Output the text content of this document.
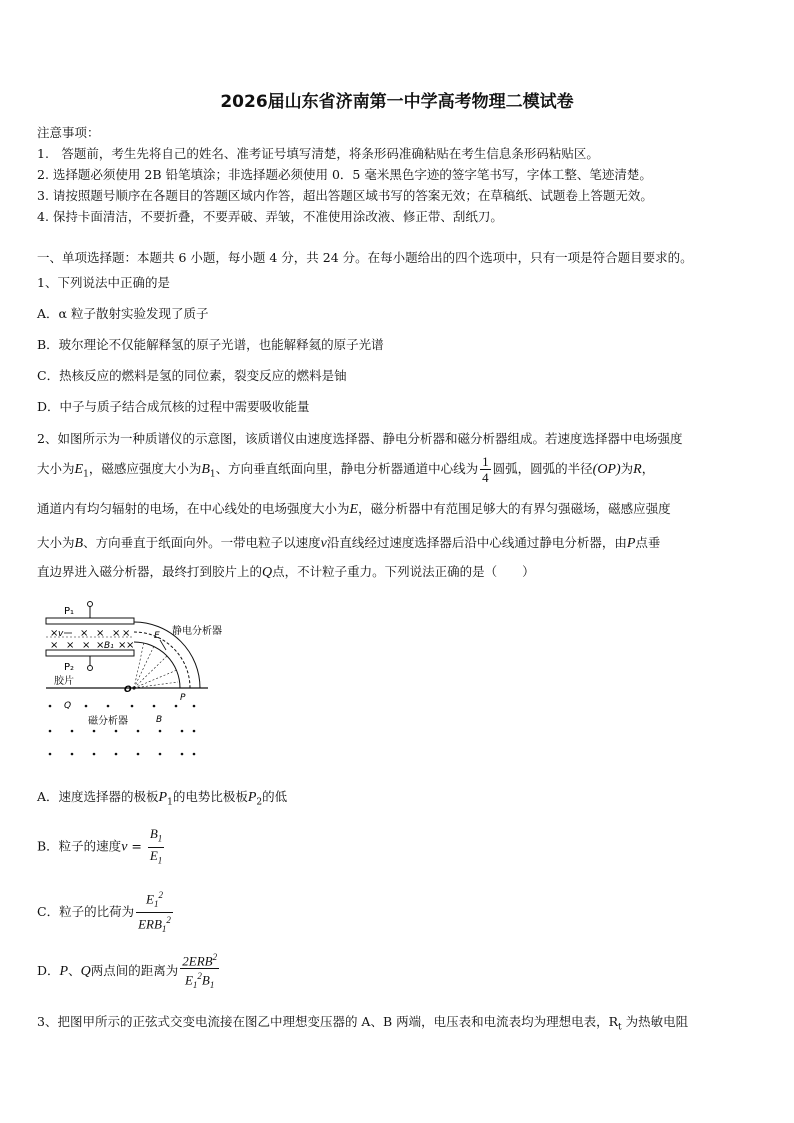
2026届山东省济南第一中学高考物理二模试卷
注意事项：
1.　答题前，考生先将自己的姓名、准考证号填写清楚，将条形码准确粘贴在考生信息条形码粘贴区。
2. 选择题必须使用 2B 铅笔填涂；非选择题必须使用 0．5 毫米黑色字迹的签字笔书写，字体工整、笔迹清楚。
3. 请按照题号顺序在各题目的答题区域内作答，超出答题区域书写的答案无效；在草稿纸、试题卷上答题无效。
4. 保持卡面清洁，不要折叠，不要弄破、弄皱，不准使用涂改液、修正带、刮纸刀。
一、单项选择题：本题共 6 小题，每小题 4 分，共 24 分。在每小题给出的四个选项中，只有一项是符合题目要求的。
1、下列说法中正确的是
A．α 粒子散射实验发现了质子
B．玻尔理论不仅能解释氢的原子光谱，也能解释氦的原子光谱
C．热核反应的燃料是氢的同位素，裂变反应的燃料是铀
D．中子与质子结合成氘核的过程中需要吸收能量
2、如图所示为一种质谱仪的示意图，该质谱仪由速度选择器、静电分析器和磁分析器组成。若速度选择器中电场强度
大小为$E_1$，磁感应强度大小为$B_1$、方向垂直纸面向里，静电分析器通道中心线为 $\frac{1}{4}$ 圆弧，圆弧的半径(OP)为R，
通道内有均匀辐射的电场，在中心线处的电场强度大小为E，磁分析器中有范围足够大的有界匀强磁场，磁感应强度
大小为B、方向垂直于纸面向外。一带电粒子以速度v沿直线经过速度选择器后沿中心线通过静电分析器，由P点垂
直边界进入磁分析器，最终打到胶片上的Q点，不计粒子重力。下列说法正确的是（　　）
P₁
P₂
× v × × × ×
× × × × B₁ × ×
E 静电分析器
胶片
O
Q
P
磁分析器	B
A．速度选择器的极板$P_1$的电势比极板$P_2$的低
B．粒子的速度$v = \frac{B_1}{E_1}$
C．粒子的比荷为 $\frac{E_1^2}{ERB_1^2}$
D．P、Q两点间的距离为 $\frac{2ERB^2}{E_1^2B_1}$
3、把图甲所示的正弦式交变电流接在图乙中理想变压器的 A、B 两端，电压表和电流表均为理想电表，$R_t$ 为热敏电阻
